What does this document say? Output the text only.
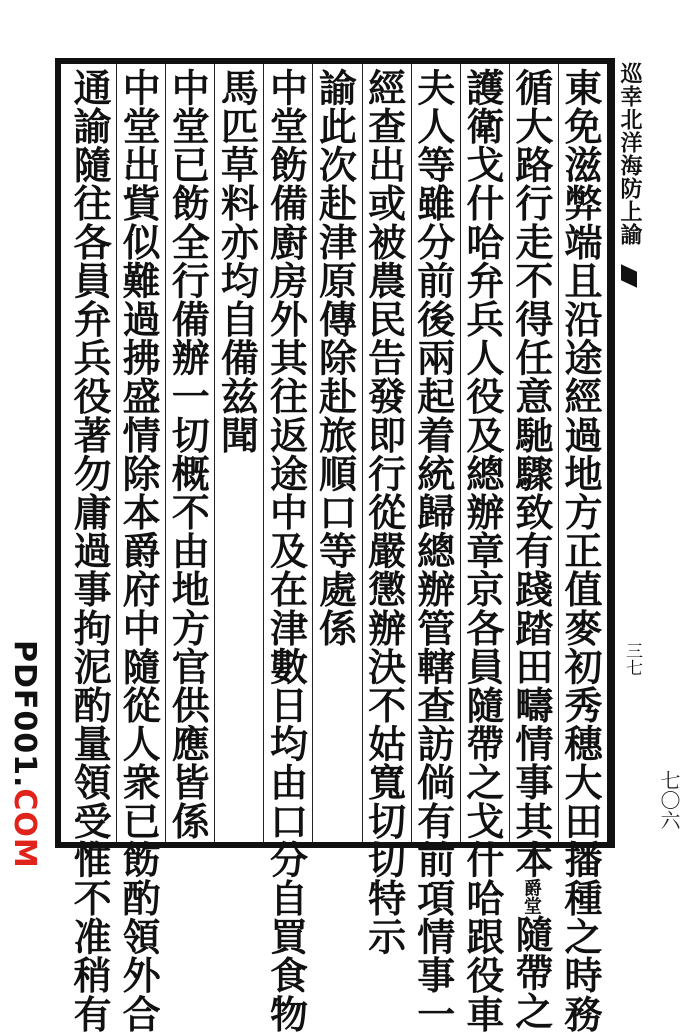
東免滋弊端且沿途經過地方正值麥初秀穗大田播種之時務
循大路行走不得任意馳驟致有踐踏田疇情事其本爵堂隨帶之
護衛戈什哈弁兵人役及總辦章京各員隨帶之戈什哈跟役車
夫人等雖分前後兩起着統歸總辦管轄查訪倘有前項情事一
經查出或被農民告發即行從嚴懲辦決不姑寬切切特示
諭此次赴津原傳除赴旅順口等處係
中堂飭備廚房外其往返途中及在津數日均由口分自買食物
馬匹草料亦均自備兹聞
中堂已飭全行備辦一切概不由地方官供應皆係
中堂出貲似難過拂盛情除本爵府中隨從人衆已飭酌領外合
通諭隨往各員弁兵役著勿庸過事拘泥酌量領受惟不准稍有	巡幸北洋海防上諭
三七
PDF001.COM	七〇六
